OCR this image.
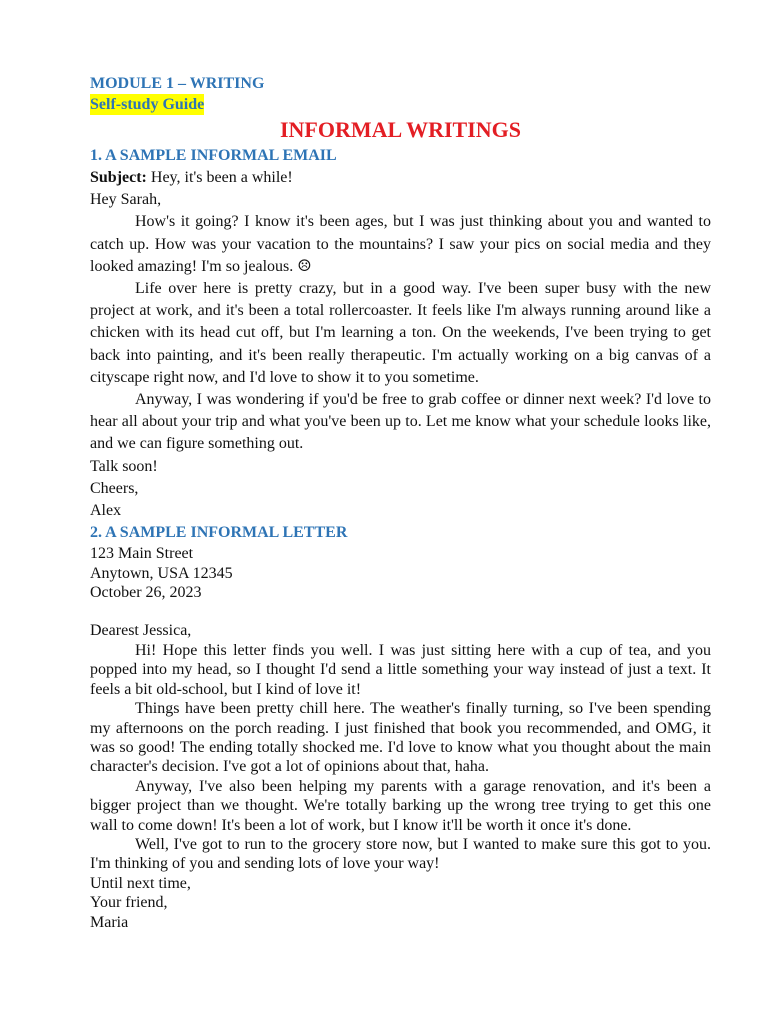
MODULE 1 – WRITING
Self-study Guide
INFORMAL WRITINGS
1. A SAMPLE INFORMAL EMAIL

Subject: Hey, it's been a while!

Hey Sarah,

How's it going? I know it's been ages, but I was just thinking about you and wanted to catch up. How was your vacation to the mountains? I saw your pics on social media and they looked amazing! I'm so jealous. ☹

Life over here is pretty crazy, but in a good way. I've been super busy with the new project at work, and it's been a total rollercoaster. It feels like I'm always running around like a chicken with its head cut off, but I'm learning a ton. On the weekends, I've been trying to get back into painting, and it's been really therapeutic. I'm actually working on a big canvas of a cityscape right now, and I'd love to show it to you sometime.

Anyway, I was wondering if you'd be free to grab coffee or dinner next week? I'd love to hear all about your trip and what you've been up to. Let me know what your schedule looks like, and we can figure something out.

Talk soon!

Cheers,

Alex

2. A SAMPLE INFORMAL LETTER

123 Main Street

Anytown, USA 12345

October 26, 2023

Dearest Jessica,

Hi! Hope this letter finds you well. I was just sitting here with a cup of tea, and you popped into my head, so I thought I'd send a little something your way instead of just a text. It feels a bit old-school, but I kind of love it!

Things have been pretty chill here. The weather's finally turning, so I've been spending my afternoons on the porch reading. I just finished that book you recommended, and OMG, it was so good! The ending totally shocked me. I'd love to know what you thought about the main character's decision. I've got a lot of opinions about that, haha.

Anyway, I've also been helping my parents with a garage renovation, and it's been a bigger project than we thought. We're totally barking up the wrong tree trying to get this one wall to come down! It's been a lot of work, but I know it'll be worth it once it's done.

Well, I've got to run to the grocery store now, but I wanted to make sure this got to you. I'm thinking of you and sending lots of love your way!

Until next time,

Your friend,

Maria
